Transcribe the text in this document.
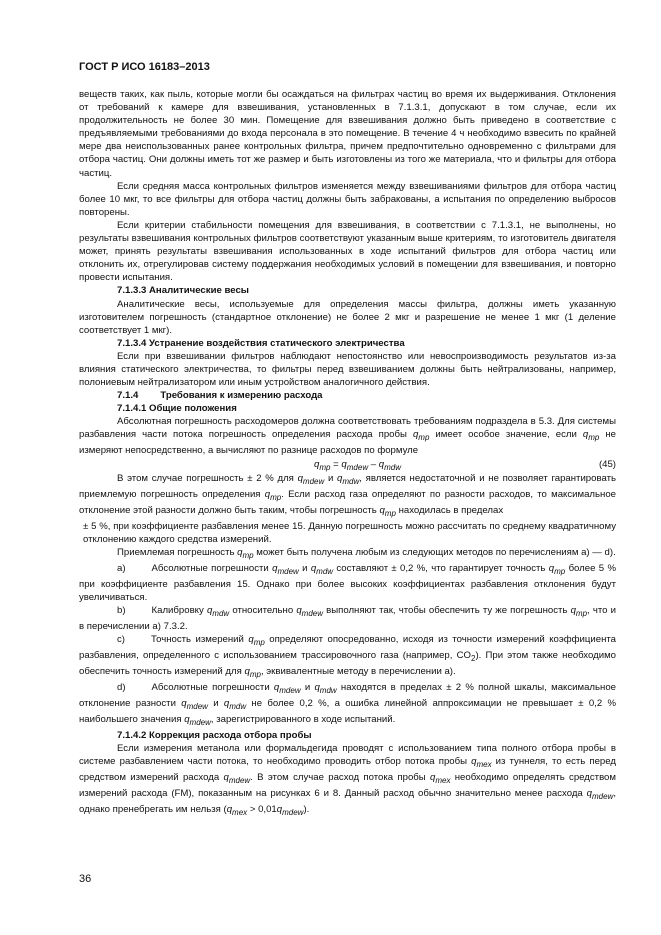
ГОСТ Р ИСО 16183–2013

веществ таких, как пыль, которые могли бы осаждаться на фильтрах частиц во время их выдерживания. Отклонения от требований к камере для взвешивания, установленных в 7.1.3.1, допускают в том случае, если их продолжительность не более 30 мин. Помещение для взвешивания должно быть приведено в соответствие с предъявляемыми требованиями до входа персонала в это помещение. В течение 4 ч необходимо взвесить по крайней мере два неиспользованных ранее контрольных фильтра, причем предпочтительно одновременно с фильтрами для отбора частиц. Они должны иметь тот же размер и быть изготовлены из того же материала, что и фильтры для отбора частиц.

Если средняя масса контрольных фильтров изменяется между взвешиваниями фильтров для отбора частиц более 10 мкг, то все фильтры для отбора частиц должны быть забракованы, а испытания по определению выбросов повторены.

Если критерии стабильности помещения для взвешивания, в соответствии с 7.1.3.1, не выполнены, но результаты взвешивания контрольных фильтров соответствуют указанным выше критериям, то изготовитель двигателя может, принять результаты взвешивания использованных в ходе испытаний фильтров для отбора частиц или отклонить их, отрегулировав систему поддержания необходимых условий в помещении для взвешивания, и повторно провести испытания.

7.1.3.3 Аналитические весы

Аналитические весы, используемые для определения массы фильтра, должны иметь указанную изготовителем погрешность (стандартное отклонение) не более 2 мкг и разрешение не менее 1 мкг (1 деление соответствует 1 мкг).

7.1.3.4 Устранение воздействия статического электричества

Если при взвешивании фильтров наблюдают непостоянство или невоспроизводимость результатов из-за влияния статического электричества, то фильтры перед взвешиванием должны быть нейтрализованы, например, полониевым нейтрализатором или иным устройством аналогичного действия.

7.1.4 Требования к измерению расхода

7.1.4.1 Общие положения

Абсолютная погрешность расходомеров должна соответствовать требованиям подраздела в 5.3. Для системы разбавления части потока погрешность определения расхода пробы $q_{mp}$ имеет особое значение, если $q_{mp}$ не измеряют непосредственно, а вычисляют по разнице расходов по формуле

$q_{mp} = q_{mdew} - q_{mdw}$	(45)

В этом случае погрешность ± 2 % для $q_{mdew}$ и $q_{mdw}$, является недостаточной и не позволяет гарантировать приемлемую погрешность определения $q_{mp}$. Если расход газа определяют по разности расходов, то максимальное отклонение этой разности должно быть таким, чтобы погрешность $q_{mp}$ находилась в пределах

± 5 %, при коэффициенте разбавления менее 15. Данную погрешность можно рассчитать по среднему квадратичному отклонению каждого средства измерений.

Приемлемая погрешность $q_{mp}$ может быть получена любым из следующих методов по перечислениям а) — d).

a)	Абсолютные погрешности $q_{mdew}$ и $q_{mdw}$ составляют ± 0,2 %, что гарантирует точность $q_{mp}$ более 5 % при коэффициенте разбавления 15. Однако при более высоких коэффициентах разбавления отклонения будут увеличиваться.

b)	Калибровку $q_{mdw}$ относительно $q_{mdew}$ выполняют так, чтобы обеспечить ту же погрешность $q_{mp}$, что и в перечислении а) 7.3.2.

c)	Точность измерений $q_{mp}$ определяют опосредованно, исходя из точности измерений коэффициента разбавления, определенного с использованием трассировочного газа (например, $CO_2$). При этом также необходимо обеспечить точность измерений для $q_{mp}$, эквивалентные методу в перечислении а).

d)	Абсолютные погрешности $q_{mdew}$ и $q_{mdw}$ находятся в пределах ± 2 % полной шкалы, максимальное отклонение разности $q_{mdew}$ и $q_{mdw}$ не более 0,2 %, а ошибка линейной аппроксимации не превышает ± 0,2 % наибольшего значения $q_{mdew}$, зарегистрированного в ходе испытаний.

7.1.4.2 Коррекция расхода отбора пробы

Если измерения метанола или формальдегида проводят с использованием типа полного отбора пробы в системе разбавлением части потока, то необходимо проводить отбор потока пробы $q_{mex}$ из туннеля, то есть перед средством измерений расхода $q_{mdew}$. В этом случае расход потока пробы $q_{mex}$ необходимо определять средством измерений расхода (FM), показанным на рисунках 6 и 8. Данный расход обычно значительно менее расхода $q_{mdew}$, однако пренебрегать им нельзя $(q_{mex} > 0,01q_{mdew})$.

36
